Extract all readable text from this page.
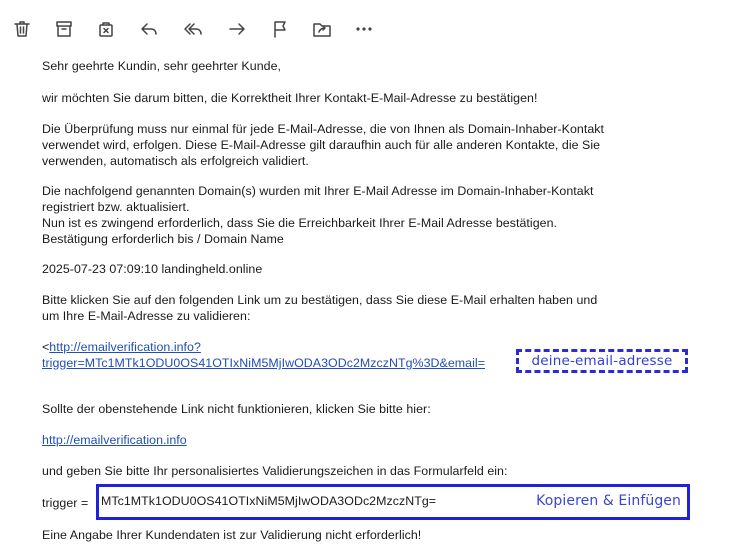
Sehr geehrte Kundin, sehr geehrter Kunde,
wir möchten Sie darum bitten, die Korrektheit Ihrer Kontakt-E-Mail-Adresse zu bestätigen!
Die Überprüfung muss nur einmal für jede E-Mail-Adresse, die von Ihnen als Domain-Inhaber-Kontakt
verwendet wird, erfolgen. Diese E-Mail-Adresse gilt daraufhin auch für alle anderen Kontakte, die Sie
verwenden, automatisch als erfolgreich validiert.
Die nachfolgend genannten Domain(s) wurden mit Ihrer E-Mail Adresse im Domain-Inhaber-Kontakt
registriert bzw. aktualisiert.
Nun ist es zwingend erforderlich, dass Sie die Erreichbarkeit Ihrer E-Mail Adresse bestätigen.
Bestätigung erforderlich bis / Domain Name
2025-07-23 07:09:10 landingheld.online
Bitte klicken Sie auf den folgenden Link um zu bestätigen, dass Sie diese E-Mail erhalten haben und
um Ihre E-Mail-Adresse zu validieren:
<http://emailverification.info?
trigger=MTc1MTk1ODU0OS41OTIxNiM5MjIwODA3ODc2MzczNTg%3D&email=	deine-email-adresse
Sollte der obenstehende Link nicht funktionieren, klicken Sie bitte hier:
http://emailverification.info
und geben Sie bitte Ihr personalisiertes Validierungszeichen in das Formularfeld ein:
trigger =	MTc1MTk1ODU0OS41OTIxNiM5MjIwODA3ODc2MzczNTg=	Kopieren & Einfügen
Eine Angabe Ihrer Kundendaten ist zur Validierung nicht erforderlich!
